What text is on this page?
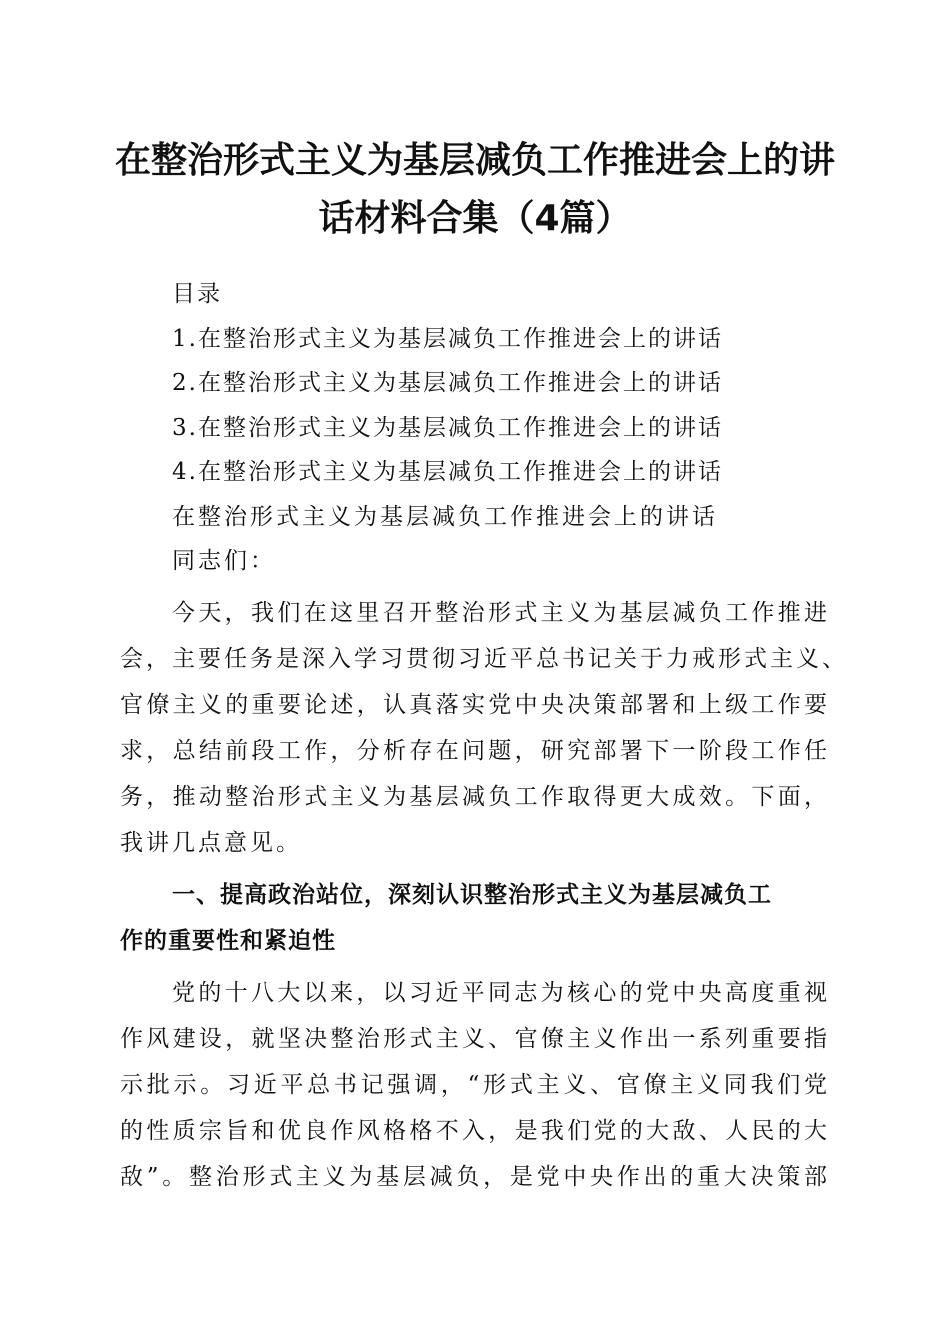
在整治形式主义为基层减负工作推进会上的讲
话材料合集（4篇）
目录
1.在整治形式主义为基层减负工作推进会上的讲话
2.在整治形式主义为基层减负工作推进会上的讲话
3.在整治形式主义为基层减负工作推进会上的讲话
4.在整治形式主义为基层减负工作推进会上的讲话
在整治形式主义为基层减负工作推进会上的讲话
同志们：
今天，我们在这里召开整治形式主义为基层减负工作推进
会，主要任务是深入学习贯彻习近平总书记关于力戒形式主义、
官僚主义的重要论述，认真落实党中央决策部署和上级工作要
求，总结前段工作，分析存在问题，研究部署下一阶段工作任
务，推动整治形式主义为基层减负工作取得更大成效。下面，
我讲几点意见。
一、提高政治站位，深刻认识整治形式主义为基层减负工
作的重要性和紧迫性
党的十八大以来，以习近平同志为核心的党中央高度重视
作风建设，就坚决整治形式主义、官僚主义作出一系列重要指
示批示。习近平总书记强调，“形式主义、官僚主义同我们党
的性质宗旨和优良作风格格不入，是我们党的大敌、人民的大
敌”。整治形式主义为基层减负，是党中央作出的重大决策部
